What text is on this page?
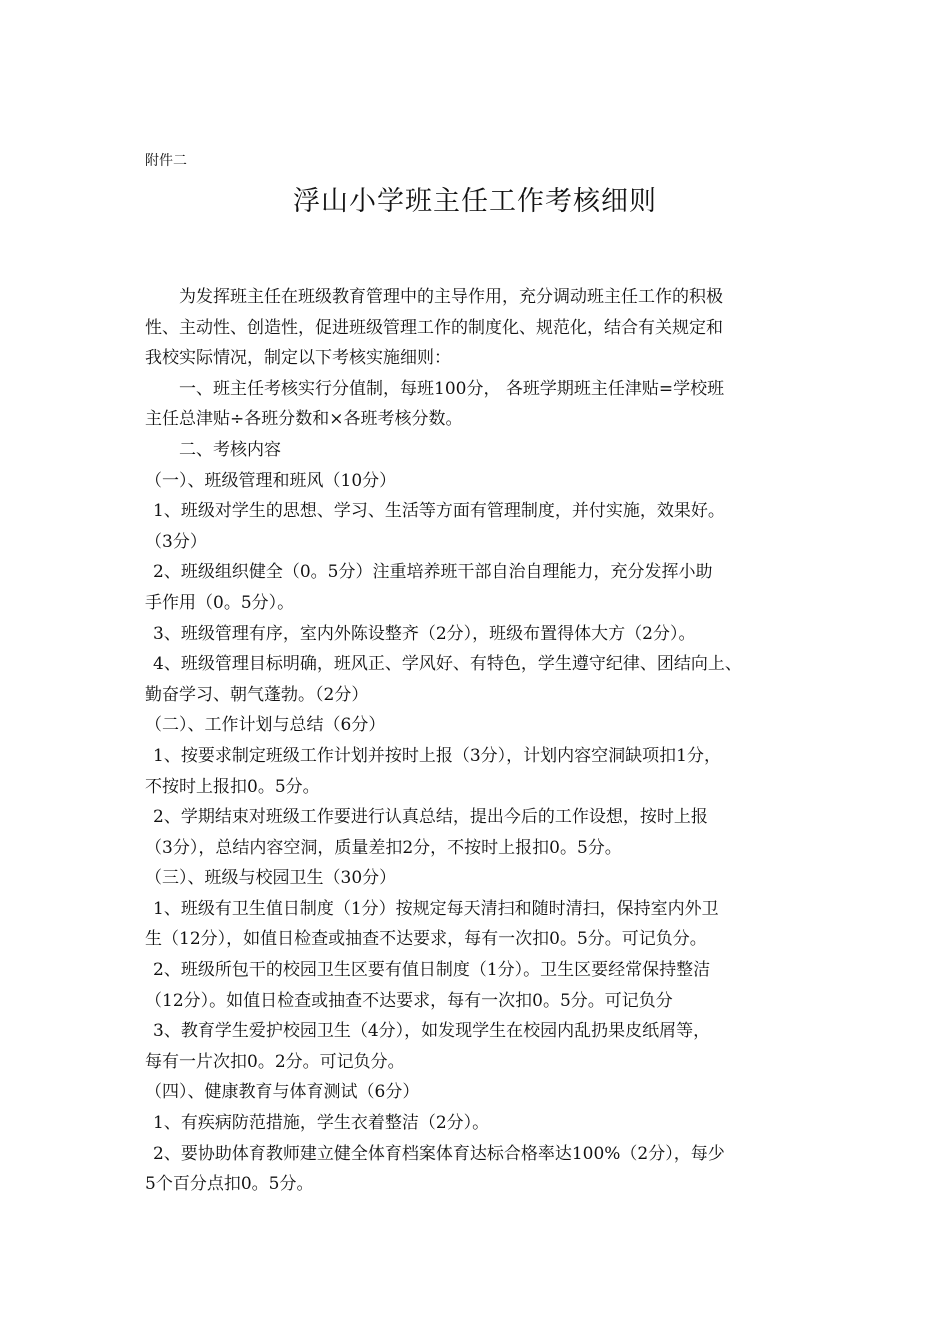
附件二
浮山小学班主任工作考核细则
为发挥班主任在班级教育管理中的主导作用，充分调动班主任工作的积极
性、主动性、创造性，促进班级管理工作的制度化、规范化，结合有关规定和
我校实际情况，制定以下考核实施细则：
一、班主任考核实行分值制，每班100分， 各班学期班主任津贴=学校班
主任总津贴÷各班分数和×各班考核分数。
二、考核内容
（一）、班级管理和班风（10分）
1、班级对学生的思想、学习、生活等方面有管理制度，并付实施，效果好。
（3分）
2、班级组织健全（0。5分）注重培养班干部自治自理能力，充分发挥小助
手作用（0。5分）。
3、班级管理有序，室内外陈设整齐（2分），班级布置得体大方（2分）。
4、班级管理目标明确，班风正、学风好、有特色，学生遵守纪律、团结向上、
勤奋学习、朝气蓬勃。（2分）
（二）、工作计划与总结（6分）
1、按要求制定班级工作计划并按时上报（3分），计划内容空洞缺项扣1分，
不按时上报扣0。5分。
2、学期结束对班级工作要进行认真总结，提出今后的工作设想，按时上报
（3分），总结内容空洞，质量差扣2分，不按时上报扣0。5分。
（三）、班级与校园卫生（30分）
1、班级有卫生值日制度（1分）按规定每天清扫和随时清扫，保持室内外卫
生（12分），如值日检查或抽查不达要求，每有一次扣0。5分。可记负分。
2、班级所包干的校园卫生区要有值日制度（1分）。卫生区要经常保持整洁
（12分）。如值日检查或抽查不达要求，每有一次扣0。5分。可记负分
3、教育学生爱护校园卫生（4分），如发现学生在校园内乱扔果皮纸屑等，
每有一片次扣0。2分。可记负分。
（四）、健康教育与体育测试（6分）
1、有疾病防范措施，学生衣着整洁（2分）。
2、要协助体育教师建立健全体育档案体育达标合格率达100%（2分），每少
5个百分点扣0。5分。
